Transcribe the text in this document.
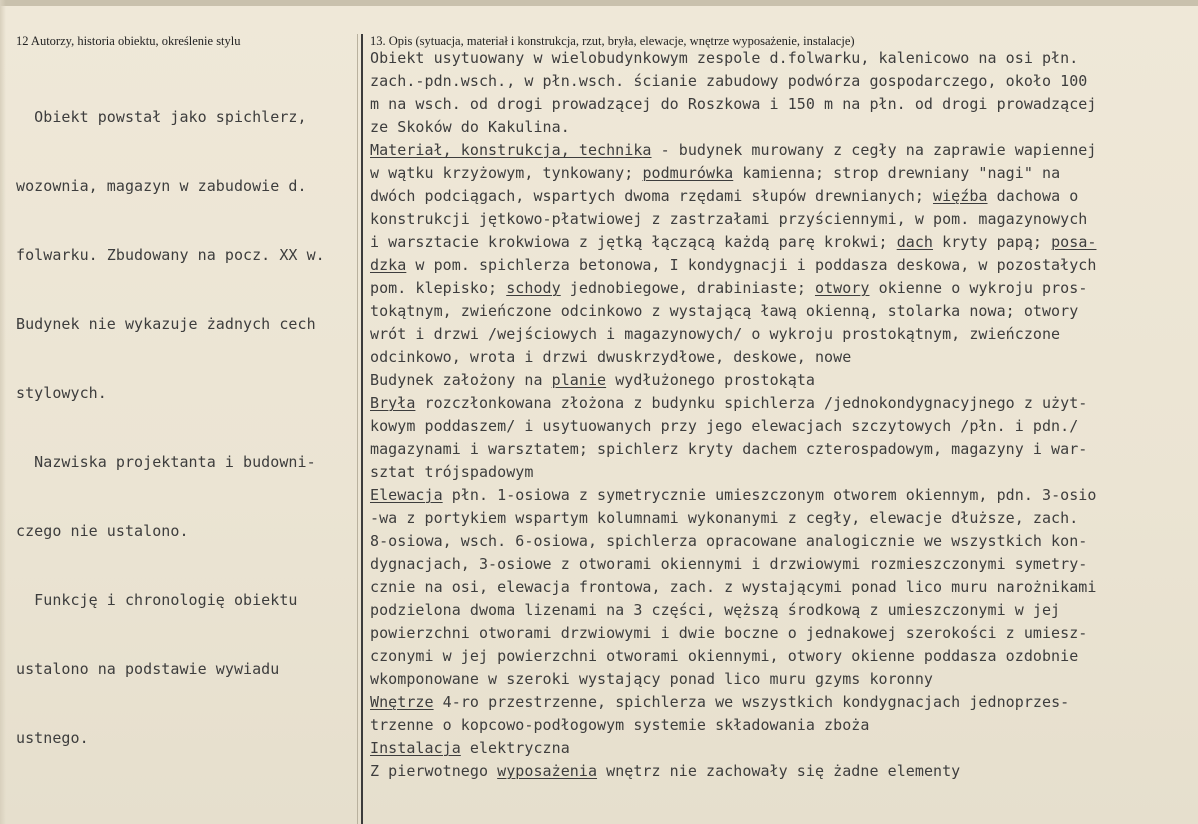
12 Autorzy, historia obiektu, określenie stylu	13. Opis (sytuacja, materiał i konstrukcja, rzut, bryła, elewacje, wnętrze wyposażenie, instalacje)

Obiekt powstał jako spichlerz,

wozownia, magazyn w zabudowie d.

folwarku. Zbudowany na pocz. XX w.

Budynek nie wykazuje żadnych cech

stylowych.

Nazwiska projektanta i budowni-

czego nie ustalono.

Funkcję i chronologię obiektu

ustalono na podstawie wywiadu

ustnego.

Obiekt usytuowany w wielobudynkowym zespole d.folwarku, kalenicowo na osi płn.
zach.-pdn.wsch., w płn.wsch. ścianie zabudowy podwórza gospodarczego, około 100
m na wsch. od drogi prowadzącej do Roszkowa i 150 m na płn. od drogi prowadzącej
ze Skoków do Kakulina.
Materiał, konstrukcja, technika - budynek murowany z cegły na zaprawie wapiennej
w wątku krzyżowym, tynkowany; podmurówka kamienna; strop drewniany "nagi" na
dwóch podciągach, wspartych dwoma rzędami słupów drewnianych; więźba dachowa o
konstrukcji jętkowo-płatwiowej z zastrzałami przyściennymi, w pom. magazynowych
i warsztacie krokwiowa z jętką łączącą każdą parę krokwi; dach kryty papą; posa-
dzka w pom. spichlerza betonowa, I kondygnacji i poddasza deskowa, w pozostałych
pom. klepisko; schody jednobiegowe, drabiniaste; otwory okienne o wykroju pros-
tokątnym, zwieńczone odcinkowo z wystającą ławą okienną, stolarka nowa; otwory
wrót i drzwi /wejściowych i magazynowych/ o wykroju prostokątnym, zwieńczone
odcinkowo, wrota i drzwi dwuskrzydłowe, deskowe, nowe
Budynek założony na planie wydłużonego prostokąta
Bryła rozczłonkowana złożona z budynku spichlerza /jednokondygnacyjnego z użyt-
kowym poddaszem/ i usytuowanych przy jego elewacjach szczytowych /płn. i pdn./
magazynami i warsztatem; spichlerz kryty dachem czterospadowym, magazyny i war-
sztat trójspadowym
Elewacja płn. 1-osiowa z symetrycznie umieszczonym otworem okiennym, pdn. 3-osio
-wa z portykiem wspartym kolumnami wykonanymi z cegły, elewacje dłuższe, zach.
8-osiowa, wsch. 6-osiowa, spichlerza opracowane analogicznie we wszystkich kon-
dygnacjach, 3-osiowe z otworami okiennymi i drzwiowymi rozmieszczonymi symetry-
cznie na osi, elewacja frontowa, zach. z wystającymi ponad lico muru narożnikami
podzielona dwoma lizenami na 3 części, węższą środkową z umieszczonymi w jej
powierzchni otworami drzwiowymi i dwie boczne o jednakowej szerokości z umiesz-
czonymi w jej powierzchni otworami okiennymi, otwory okienne poddasza ozdobnie
wkomponowane w szeroki wystający ponad lico muru gzyms koronny
Wnętrze 4-ro przestrzenne, spichlerza we wszystkich kondygnacjach jednoprzes-
trzenne o kopcowo-podłogowym systemie składowania zboża
Instalacja elektryczna
Z pierwotnego wyposażenia wnętrz nie zachowały się żadne elementy
